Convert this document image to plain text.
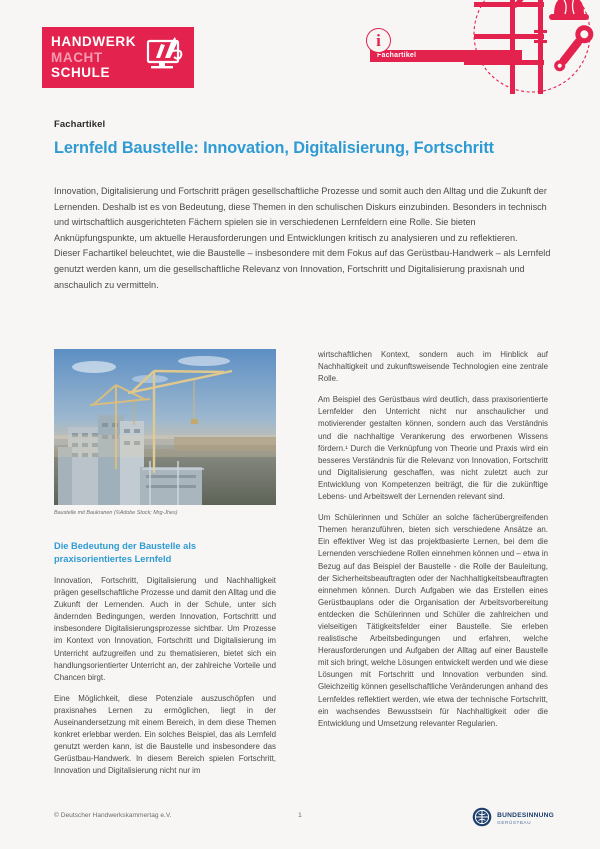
HANDWERK
MACHT
SCHULE
Fachartikel
i
Fachartikel
Lernfeld Baustelle: Innovation, Digitalisierung, Fortschritt

Innovation, Digitalisierung und Fortschritt prägen gesellschaftliche Prozesse und somit auch den Alltag und die Zukunft der Lernenden. Deshalb ist es von Bedeutung, diese Themen in den schulischen Diskurs einzubinden. Besonders in technisch und wirtschaftlich ausgerichteten Fächern spielen sie in verschiedenen Lernfeldern eine Rolle. Sie bieten Anknüpfungspunkte, um aktuelle Herausforderungen und Entwicklungen kritisch zu analysieren und zu reflektieren.

Dieser Fachartikel beleuchtet, wie die Baustelle – insbesondere mit dem Fokus auf das Gerüstbau-Handwerk – als Lernfeld genutzt werden kann, um die gesellschaftliche Relevanz von Innovation, Fortschritt und Digitalisierung praxisnah und anschaulich zu vermitteln.

Baustelle mit Baukranen (©Adobe Stock; Mrg-Jhes)
Die Bedeutung der Baustelle als praxisorientiertes Lernfeld

Innovation, Fortschritt, Digitalisierung und Nachhaltigkeit prägen gesellschaftliche Prozesse und damit den Alltag und die Zukunft der Lernenden. Auch in der Schule, unter sich ändernden Bedingungen, werden Innovation, Fortschritt und insbesondere Digitalisierungsprozesse sichtbar. Um Prozesse im Kontext von Innovation, Fortschritt und Digitalisierung im Unterricht aufzugreifen und zu thematisieren, bietet sich ein handlungsorientierter Unterricht an, der zahlreiche Vorteile und Chancen birgt.

Eine Möglichkeit, diese Potenziale auszuschöpfen und praxisnahes Lernen zu ermöglichen, liegt in der Auseinandersetzung mit einem Bereich, in dem diese Themen konkret erlebbar werden. Ein solches Beispiel, das als Lernfeld genutzt werden kann, ist die Baustelle und insbesondere das Gerüstbau-Handwerk. In diesem Bereich spielen Fortschritt, Innovation und Digitalisierung nicht nur im

wirtschaftlichen Kontext, sondern auch im Hinblick auf Nachhaltigkeit und zukunftsweisende Technologien eine zentrale Rolle.

Am Beispiel des Gerüstbaus wird deutlich, dass praxisorientierte Lernfelder den Unterricht nicht nur anschaulicher und motivierender gestalten können, sondern auch das Verständnis und die nachhaltige Verankerung des erworbenen Wissens fördern.¹ Durch die Verknüpfung von Theorie und Praxis wird ein besseres Verständnis für die Relevanz von Innovation, Fortschritt und Digitalisierung geschaffen, was nicht zuletzt auch zur Entwicklung von Kompetenzen beiträgt, die für die zukünftige Lebens- und Arbeitswelt der Lernenden relevant sind.

Um Schülerinnen und Schüler an solche fächerübergreifenden Themen heranzuführen, bieten sich verschiedene Ansätze an. Ein effektiver Weg ist das projektbasierte Lernen, bei dem die Lernenden verschiedene Rollen einnehmen können und – etwa in Bezug auf das Beispiel der Baustelle - die Rolle der Bauleitung, der Sicherheitsbeauftragten oder der Nachhaltigkeitsbeauftragten einnehmen können. Durch Aufgaben wie das Erstellen eines Gerüstbauplans oder die Organisation der Arbeitsvorbereitung entdecken die Schülerinnen und Schüler die zahlreichen und vielseitigen Tätigkeitsfelder einer Baustelle. Sie erleben realistische Arbeitsbedingungen und erfahren, welche Herausforderungen und Aufgaben der Alltag auf einer Baustelle mit sich bringt, welche Lösungen entwickelt werden und wie diese Lösungen mit Fortschritt und Innovation verbunden sind. Gleichzeitig können gesellschaftliche Veränderungen anhand des Lernfeldes reflektiert werden, wie etwa der technische Fortschritt, ein wachsendes Bewusstsein für Nachhaltigkeit oder die Entwicklung und Umsetzung relevanter Regularien.

© Deutscher Handwerkskammertag e.V.	1	BUNDESINNUNG
GERÜSTBAU
